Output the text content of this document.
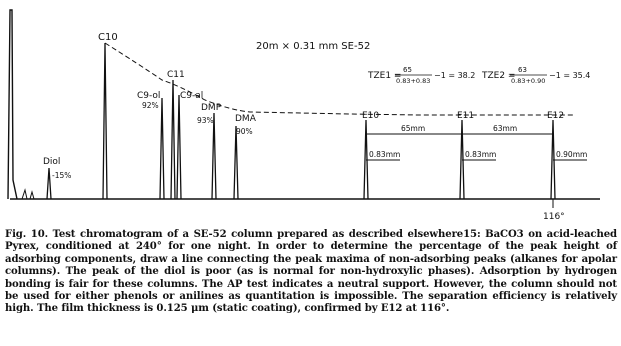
20m × 0.31 mm SE-52
C10
C11
C9-ol C9-al
DMP
DMA
Diol
E10	E11	E12
92%
93%
90%
-15%
65mm	63mm
0.83mm	0.83mm	0.90mm
TZE1 =
65
0.83+0.83
−1 = 38.2 TZE2 =
63
0.83+0.90
−1 = 35.4
116°
Fig. 10. Test chromatogram of a SE-52 column prepared as described elsewhere15: BaCO3 on acid-leached Pyrex, conditioned at 240° for one night. In order to determine the percentage of the peak height of adsorbing components, draw a line connecting the peak maxima of non-adsorbing peaks (alkanes for apolar columns). The peak of the diol is poor (as is normal for non-hydroxylic phases). Adsorption by hydrogen bonding is fair for these columns. The AP test indicates a neutral support. However, the column should not be used for either phenols or anilines as quantitation is impossible. The separation efficiency is relatively high. The film thickness is 0.125 μm (static coating), confirmed by E12 at 116°.
